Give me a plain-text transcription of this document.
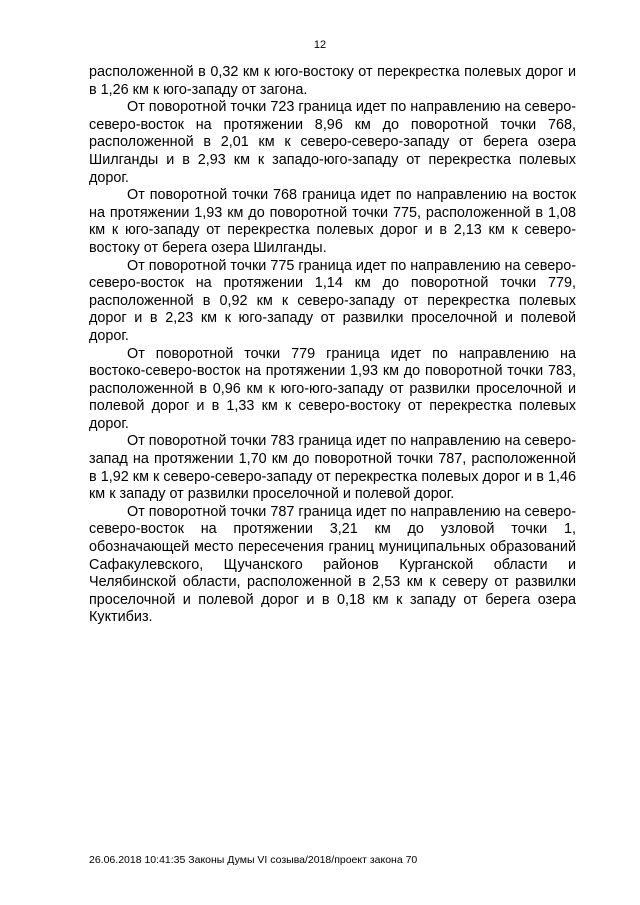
12

расположенной в 0,32 км к юго-востоку от перекрестка полевых дорог и в 1,26 км к юго-западу от загона.

От поворотной точки 723 граница идет по направлению на северо-северо-восток на протяжении 8,96 км до поворотной точки 768, расположенной в 2,01 км к северо-северо-западу от берега озера Шилганды и в 2,93 км к западо-юго-западу от перекрестка полевых дорог.

От поворотной точки 768 граница идет по направлению на восток на протяжении 1,93 км до поворотной точки 775, расположенной в 1,08 км к юго-западу от перекрестка полевых дорог и в 2,13 км к северо-востоку от берега озера Шилганды.

От поворотной точки 775 граница идет по направлению на северо-северо-восток на протяжении 1,14 км до поворотной точки 779, расположенной в 0,92 км к северо-западу от перекрестка полевых дорог и в 2,23 км к юго-западу от развилки проселочной и полевой дорог.

От поворотной точки 779 граница идет по направлению на востоко-северо-восток на протяжении 1,93 км до поворотной точки 783, расположенной в 0,96 км к юго-юго-западу от развилки проселочной и полевой дорог и в 1,33 км к северо-востоку от перекрестка полевых дорог.

От поворотной точки 783 граница идет по направлению на северо-запад на протяжении 1,70 км до поворотной точки 787, расположенной в 1,92 км к северо-северо-западу от перекрестка полевых дорог и в 1,46 км к западу от развилки проселочной и полевой дорог.

От поворотной точки 787 граница идет по направлению на северо-северо-восток на протяжении 3,21 км до узловой точки 1, обозначающей место пересечения границ муниципальных образований Сафакулевского, Щучанского районов Курганской области и Челябинской области, расположенной в 2,53 км к северу от развилки проселочной и полевой дорог и в 0,18 км к западу от берега озера Куктибиз.

26.06.2018 10:41:35 Законы Думы VI созыва/2018/проект закона 70
